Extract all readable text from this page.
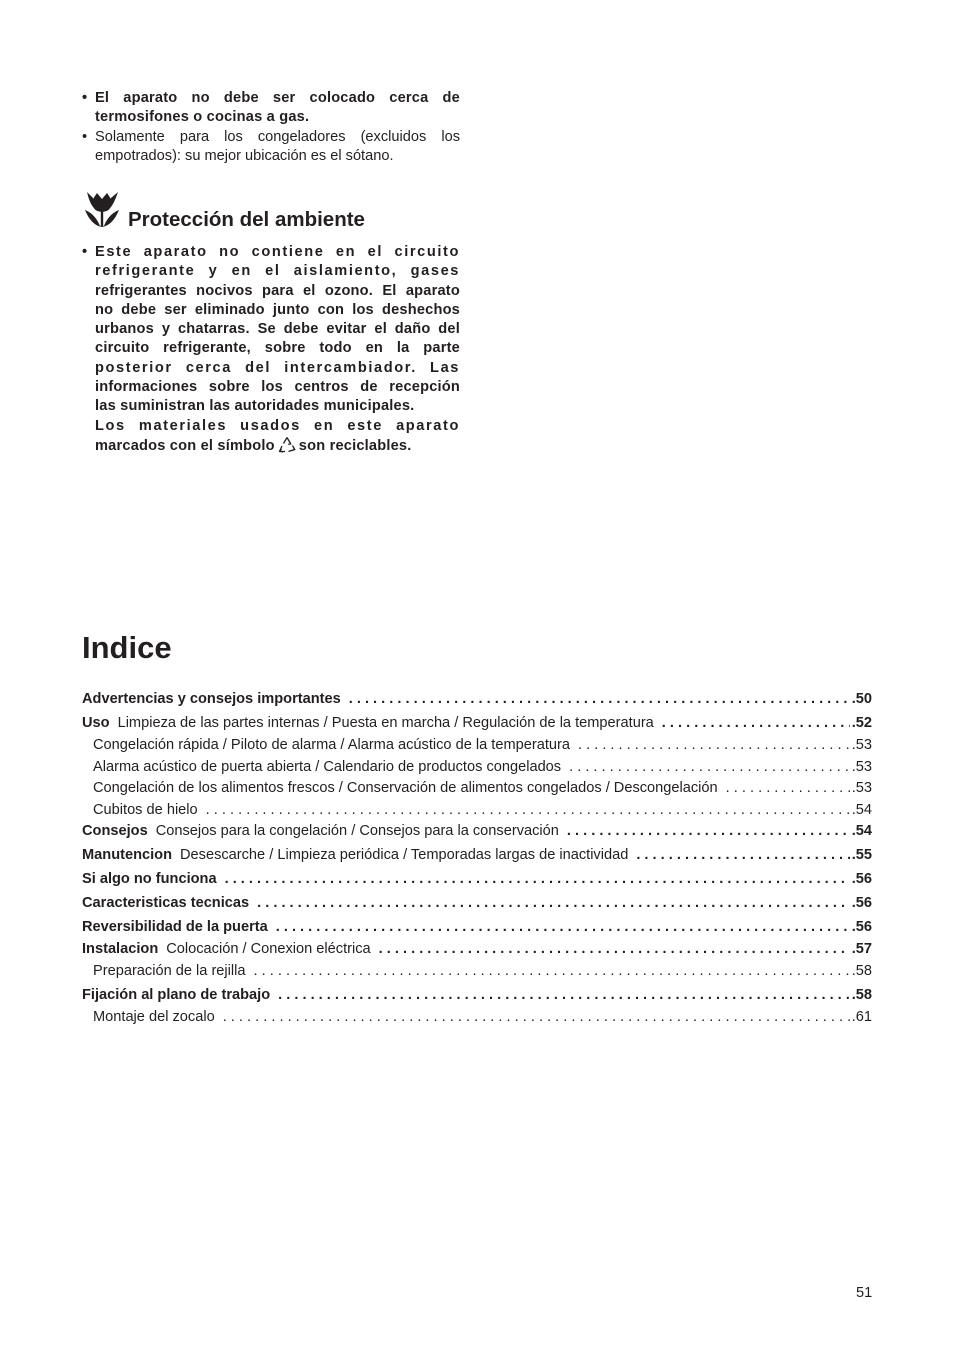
• El aparato no debe ser colocado cerca de termosifones o cocinas a gas.
• Solamente para los congeladores (excluidos los empotrados): su mejor ubicación es el sótano.
Protección del ambiente
• Este aparato no contiene en el circuito
refrigerante y en el aislamiento, gases
refrigerantes nocivos para el ozono. El aparato
no debe ser eliminado junto con los deshechos
urbanos y chatarras. Se debe evitar el daño del
circuito refrigerante, sobre todo en la parte
posterior cerca del intercambiador. Las
informaciones sobre los centros de recepción
las suministran las autoridades municipales.
Los materiales usados en este aparato
marcados con el símbolo son reciclables.
Indice
Advertencias y consejos importantes . . .	.50
Uso Limpieza de las partes internas / Puesta en marcha / Regulación de la temperatura . . .	.52
Congelación rápida / Piloto de alarma / Alarma acústico de la temperatura . . .	.53
Alarma acústico de puerta abierta / Calendario de productos congelados . . .	.53
Congelación de los alimentos frescos / Conservación de alimentos congelados / Descongelación . . .	.53
Cubitos de hielo . . .	.54
Consejos Consejos para la congelación / Consejos para la conservación . . .	.54
Manutencion Desescarche / Limpieza periódica / Temporadas largas de inactividad . . .	.55
Si algo no funciona . . .	.56
Caracteristicas tecnicas . . .	.56
Reversibilidad de la puerta . . .	.56
Instalacion Colocación / Conexion eléctrica . . .	.57
Preparación de la rejilla . . .	.58
Fijación al plano de trabajo . . .	.58
Montaje del zocalo . . .	.61
51
